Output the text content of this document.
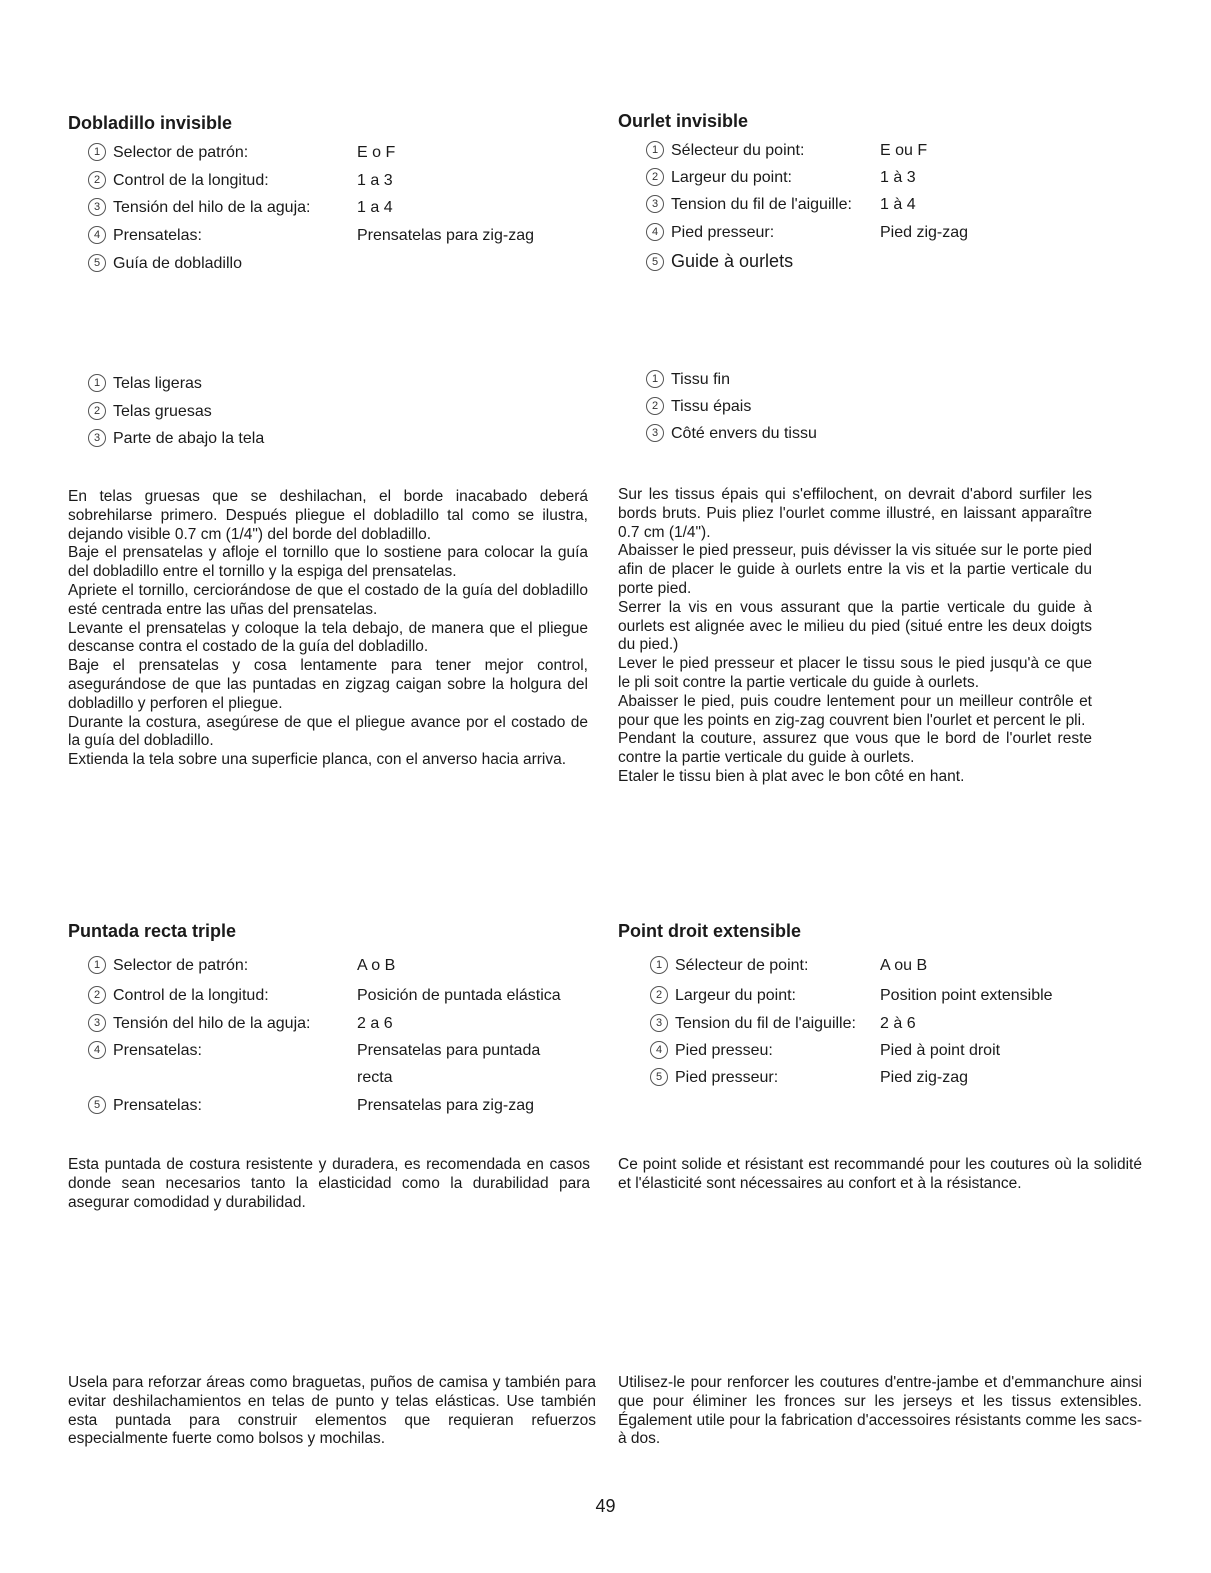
Dobladillo invisible
1 Selector de patrón:	E o F
2 Control de la longitud:	1 a 3
3 Tensión del hilo de la aguja:	1 a 4
4 Prensatelas:	Prensatelas para zig-zag
5 Guía de dobladillo
1 Telas ligeras
2 Telas gruesas
3 Parte de abajo la tela
En telas gruesas que se deshilachan, el borde inacabado deberá sobrehilarse primero. Después pliegue el dobladillo tal como se ilustra, dejando visible 0.7 cm (1/4") del borde del dobladillo.
Baje el prensatelas y afloje el tornillo que lo sostiene para colocar la guía del dobladillo entre el tornillo y la espiga del prensatelas.
Apriete el tornillo, cerciorándose de que el costado de la guía del dobladillo esté centrada entre las uñas del prensatelas.
Levante el prensatelas y coloque la tela debajo, de manera que el pliegue descanse contra el costado de la guía del dobladillo.
Baje el prensatelas y cosa lentamente para tener mejor control, asegurándose de que las puntadas en zigzag caigan sobre la holgura del dobladillo y perforen el pliegue.
Durante la costura, asegúrese de que el pliegue avance por el costado de la guía del dobladillo.
Extienda la tela sobre una superficie planca, con el anverso hacia arriva.
Ourlet invisible
1 Sélecteur du point:	E ou F
2 Largeur du point:	1 à 3
3 Tension du fil de l'aiguille: 1 à 4
4 Pied presseur:	Pied zig-zag
5 Guide à ourlets
1 Tissu fin
2 Tissu épais
3 Côté envers du tissu
Sur les tissus épais qui s'effilochent, on devrait d'abord surfiler les bords bruts. Puis pliez l'ourlet comme illustré, en laissant apparaître 0.7 cm (1/4").
Abaisser le pied presseur, puis dévisser la vis située sur le porte pied afin de placer le guide à ourlets entre la vis et la partie verticale du porte pied.
Serrer la vis en vous assurant que la partie verticale du guide à ourlets est alignée avec le milieu du pied (situé entre les deux doigts du pied.)
Lever le pied presseur et placer le tissu sous le pied jusqu'à ce que le pli soit contre la partie verticale du guide à ourlets.
Abaisser le pied, puis coudre lentement pour un meilleur contrôle et pour que les points en zig-zag couvrent bien l'ourlet et percent le pli.
Pendant la couture, assurez que vous que le bord de l'ourlet reste contre la partie verticale du guide à ourlets.
Etaler le tissu bien à plat avec le bon côté en hant.
Puntada recta triple
1 Selector de patrón:	A o B
2 Control de la longitud:	Posición de puntada elástica
3 Tensión del hilo de la aguja:	2 a 6
4 Prensatelas:	Prensatelas para puntada
recta
5 Prensatelas:	Prensatelas para zig-zag

Esta puntada de costura resistente y duradera, es recomendada en casos donde sean necesarios tanto la elasticidad como la durabilidad para asegurar comodidad y durabilidad.

Usela para reforzar áreas como braguetas, puños de camisa y también para evitar deshilachamientos en telas de punto y telas elásticas. Use también esta puntada para construir elementos que requieran refuerzos especialmente fuerte como bolsos y mochilas.

Point droit extensible
1 Sélecteur de point:	A ou B
2 Largeur du point:	Position point extensible
3 Tension du fil de l'aiguille: 2 à 6
4 Pied presseu:	Pied à point droit
5 Pied presseur:	Pied zig-zag

Ce point solide et résistant est recommandé pour les coutures où la solidité et l'élasticité sont nécessaires au confort et à la résistance.

Utilisez-le pour renforcer les coutures d'entre-jambe et d'emmanchure ainsi que pour éliminer les fronces sur les jerseys et les tissus extensibles. Également utile pour la fabrication d'accessoires résistants comme les sacs-à dos.

49
